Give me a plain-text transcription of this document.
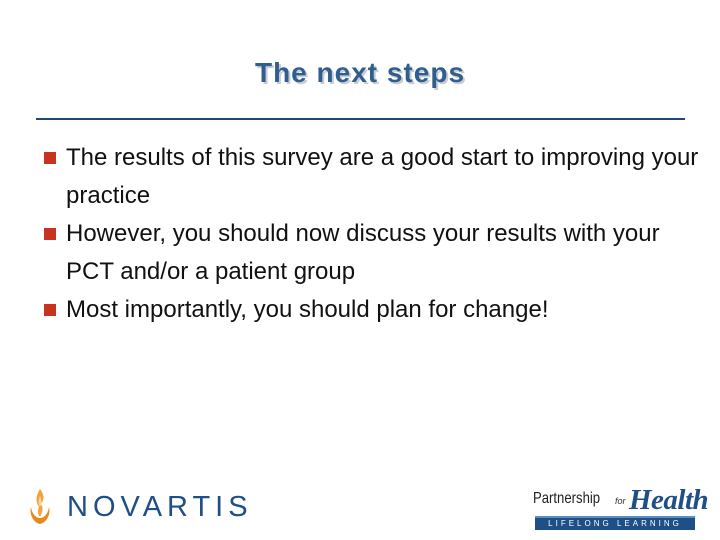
The next steps
The results of this survey are a good start to improving your practice
However, you should now discuss your results with your PCT and/or a patient group
Most importantly, you should plan for change!
NOVARTIS	Partnership for Health
LIFELONG LEARNING
